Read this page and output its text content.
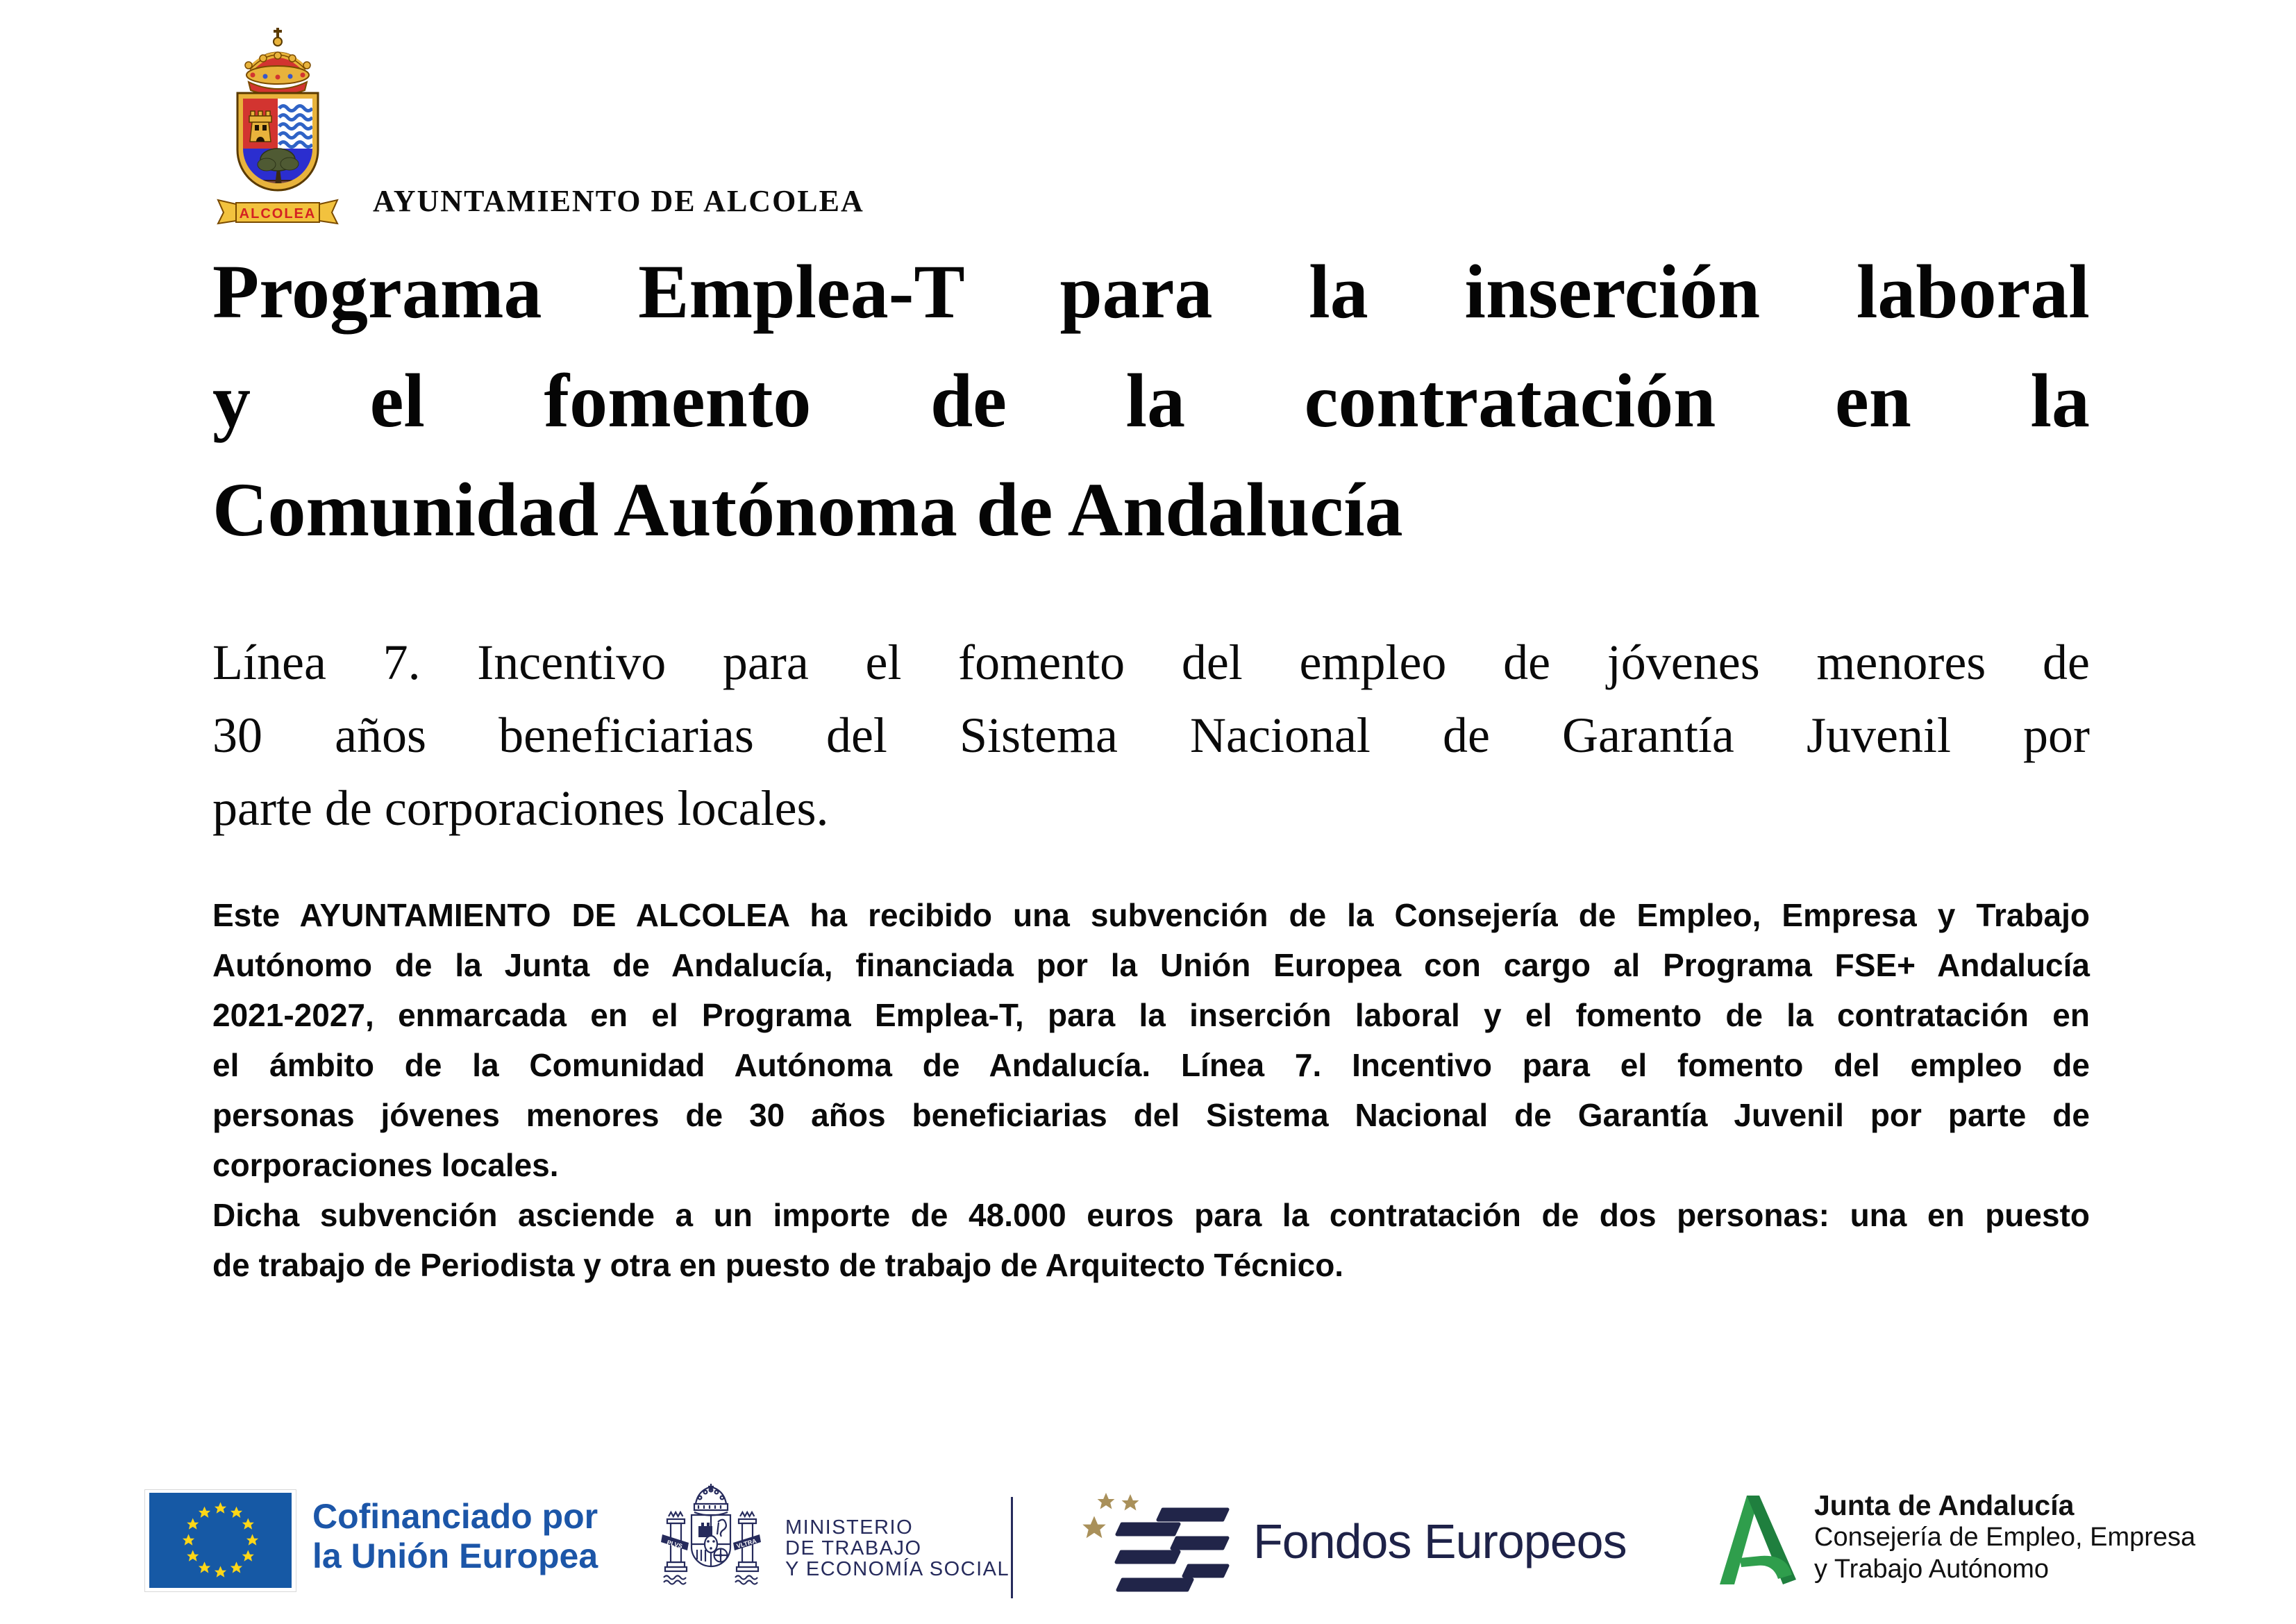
ALCOLEA AYUNTAMIENTO DE ALCOLEA
Programa Emplea-T para la inserción laboral
y el fomento de la contratación en la
Comunidad Autónoma de Andalucía
Línea 7. Incentivo para el fomento del empleo de jóvenes menores de
30 años beneficiarias del Sistema Nacional de Garantía Juvenil por
parte de corporaciones locales.
Este AYUNTAMIENTO DE ALCOLEA ha recibido una subvención de la Consejería de Empleo, Empresa y Trabajo
Autónomo de la Junta de Andalucía, financiada por la Unión Europea con cargo al Programa FSE+ Andalucía
2021-2027, enmarcada en el Programa Emplea-T, para la inserción laboral y el fomento de la contratación en
el ámbito de la Comunidad Autónoma de Andalucía. Línea 7. Incentivo para el fomento del empleo de
personas jóvenes menores de 30 años beneficiarias del Sistema Nacional de Garantía Juvenil por parte de
corporaciones locales.
Dicha subvención asciende a un importe de 48.000 euros para la contratación de dos personas: una en puesto
de trabajo de Periodista y otra en puesto de trabajo de Arquitecto Técnico.
Cofinanciado por
la Unión Europea	PLVS	VLTRA
MINISTERIO
DE TRABAJO
Y ECONOMÍA SOCIAL
Fondos Europeos
Junta de Andalucía
Consejería de Empleo, Empresa
y Trabajo Autónomo
